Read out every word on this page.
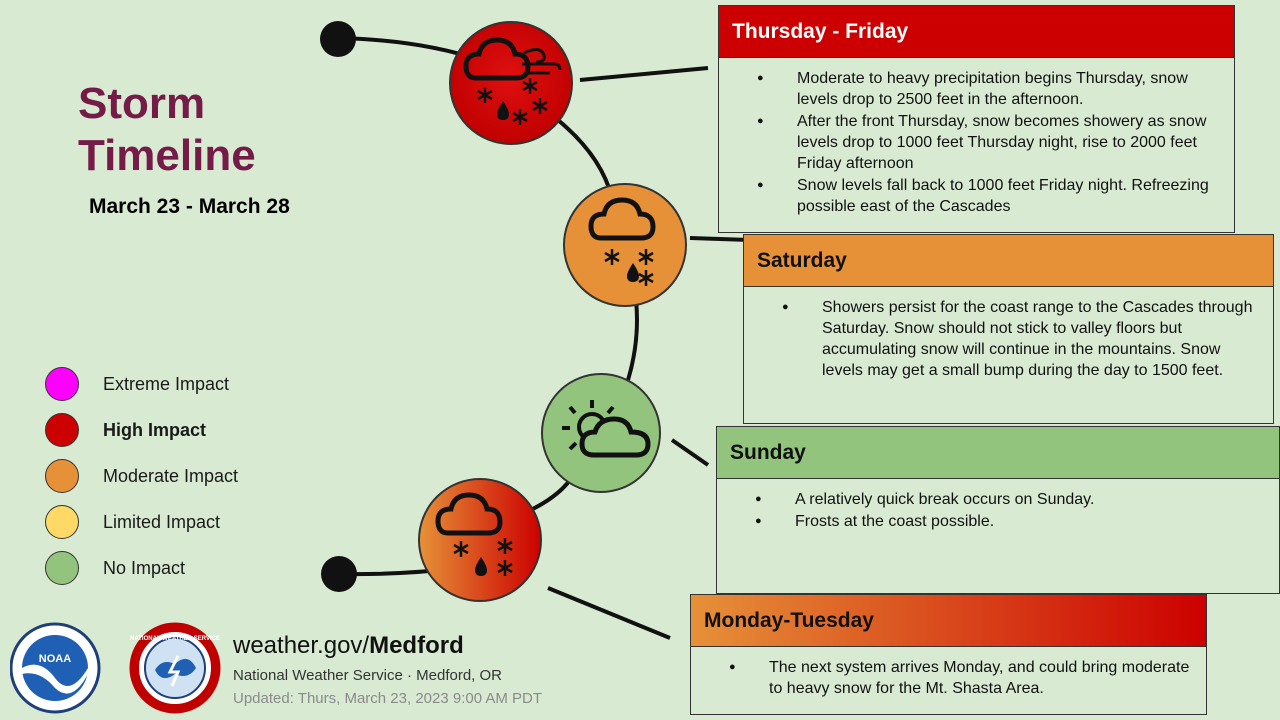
Storm
Timeline
March 23 - March 28
Extreme Impact
High Impact
Moderate Impact
Limited Impact
No Impact
Thursday - Friday
● Moderate to heavy precipitation begins Thursday, snow levels drop to 2500 feet in the afternoon.
● After the front Thursday, snow becomes showery as snow levels drop to 1000 feet Thursday night, rise to 2000 feet Friday afternoon
● Snow levels fall back to 1000 feet Friday night. Refreezing possible east of the Cascades
Saturday
● Showers persist for the coast range to the Cascades through Saturday. Snow should not stick to valley floors but accumulating snow will continue in the mountains. Snow levels may get a small bump during the day to 1500 feet.
Sunday
● A relatively quick break occurs on Sunday.
● Frosts at the coast possible.
Monday-Tuesday
● The next system arrives Monday, and could bring moderate to heavy snow for the Mt. Shasta Area.
NOAA
NATIONAL WEATHER SERVICE weather.gov/Medford
National Weather Service · Medford, OR
Updated: Thurs, March 23, 2023 9:00 AM PDT
